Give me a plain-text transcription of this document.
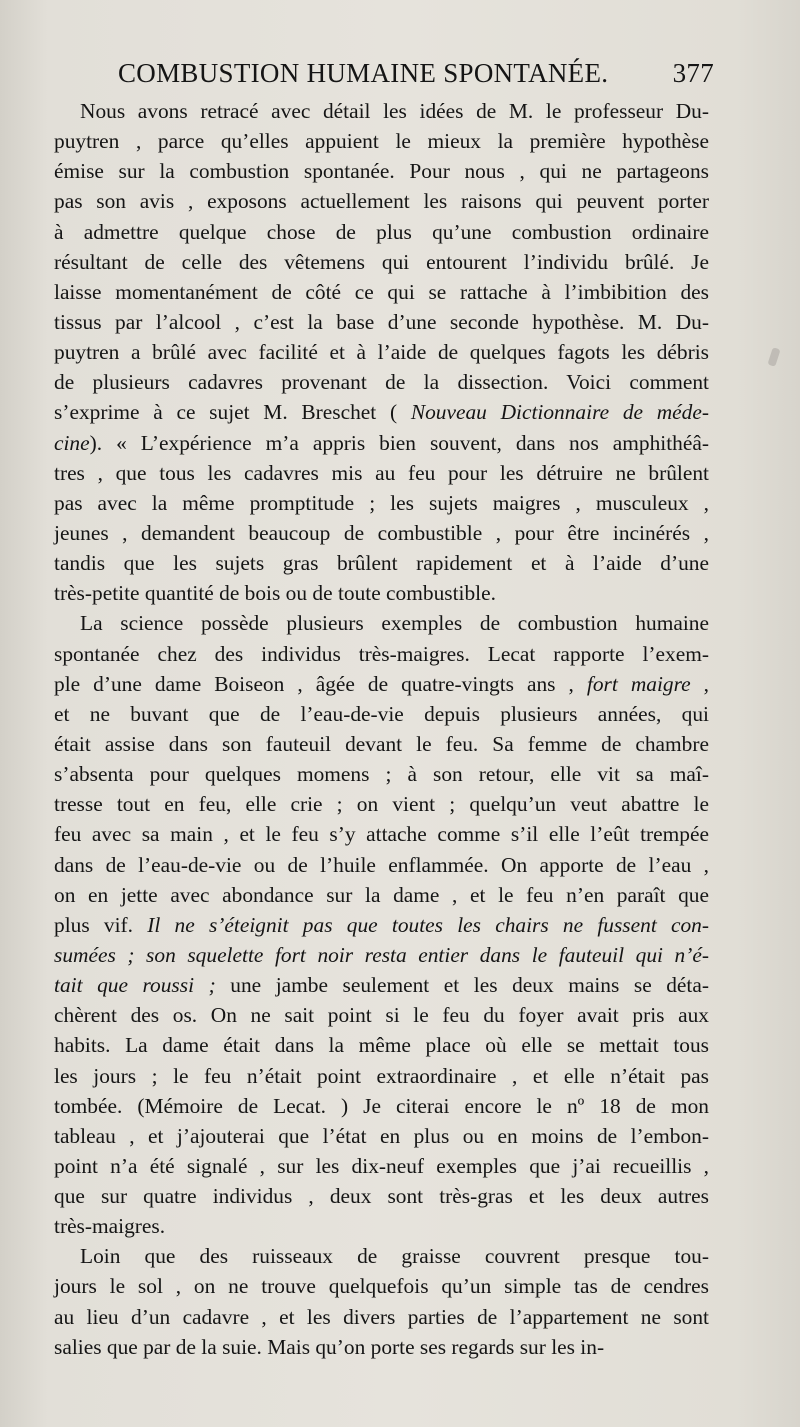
COMBUSTION HUMAINE SPONTANÉE. 377
Nous avons retracé avec détail les idées de M. le professeur Du-
puytren , parce qu’elles appuient le mieux la première hypothèse
émise sur la combustion spontanée. Pour nous , qui ne partageons
pas son avis , exposons actuellement les raisons qui peuvent porter
à admettre quelque chose de plus qu’une combustion ordinaire
résultant de celle des vêtemens qui entourent l’individu brûlé. Je
laisse momentanément de côté ce qui se rattache à l’imbibition des
tissus par l’alcool , c’est la base d’une seconde hypothèse. M. Du-
puytren a brûlé avec facilité et à l’aide de quelques fagots les débris
de plusieurs cadavres provenant de la dissection. Voici comment
s’exprime à ce sujet M. Breschet ( Nouveau Dictionnaire de méde-
cine). « L’expérience m’a appris bien souvent, dans nos amphithéâ-
tres , que tous les cadavres mis au feu pour les détruire ne brûlent
pas avec la même promptitude ; les sujets maigres , musculeux ,
jeunes , demandent beaucoup de combustible , pour être incinérés ,
tandis que les sujets gras brûlent rapidement et à l’aide d’une
très-petite quantité de bois ou de toute combustible.
La science possède plusieurs exemples de combustion humaine
spontanée chez des individus très-maigres. Lecat rapporte l’exem-
ple d’une dame Boiseon , âgée de quatre-vingts ans , fort maigre ,
et ne buvant que de l’eau-de-vie depuis plusieurs années, qui
était assise dans son fauteuil devant le feu. Sa femme de chambre
s’absenta pour quelques momens ; à son retour, elle vit sa maî-
tresse tout en feu, elle crie ; on vient ; quelqu’un veut abattre le
feu avec sa main , et le feu s’y attache comme s’il elle l’eût trempée
dans de l’eau-de-vie ou de l’huile enflammée. On apporte de l’eau ,
on en jette avec abondance sur la dame , et le feu n’en paraît que
plus vif. Il ne s’éteignit pas que toutes les chairs ne fussent con-
sumées ; son squelette fort noir resta entier dans le fauteuil qui n’é-
tait que roussi ; une jambe seulement et les deux mains se déta-
chèrent des os. On ne sait point si le feu du foyer avait pris aux
habits. La dame était dans la même place où elle se mettait tous
les jours ; le feu n’était point extraordinaire , et elle n’était pas
tombée. (Mémoire de Lecat. ) Je citerai encore le nº 18 de mon
tableau , et j’ajouterai que l’état en plus ou en moins de l’embon-
point n’a été signalé , sur les dix-neuf exemples que j’ai recueillis ,
que sur quatre individus , deux sont très-gras et les deux autres
très-maigres.
Loin que des ruisseaux de graisse couvrent presque tou-
jours le sol , on ne trouve quelquefois qu’un simple tas de cendres
au lieu d’un cadavre , et les divers parties de l’appartement ne sont
salies que par de la suie. Mais qu’on porte ses regards sur les in-
